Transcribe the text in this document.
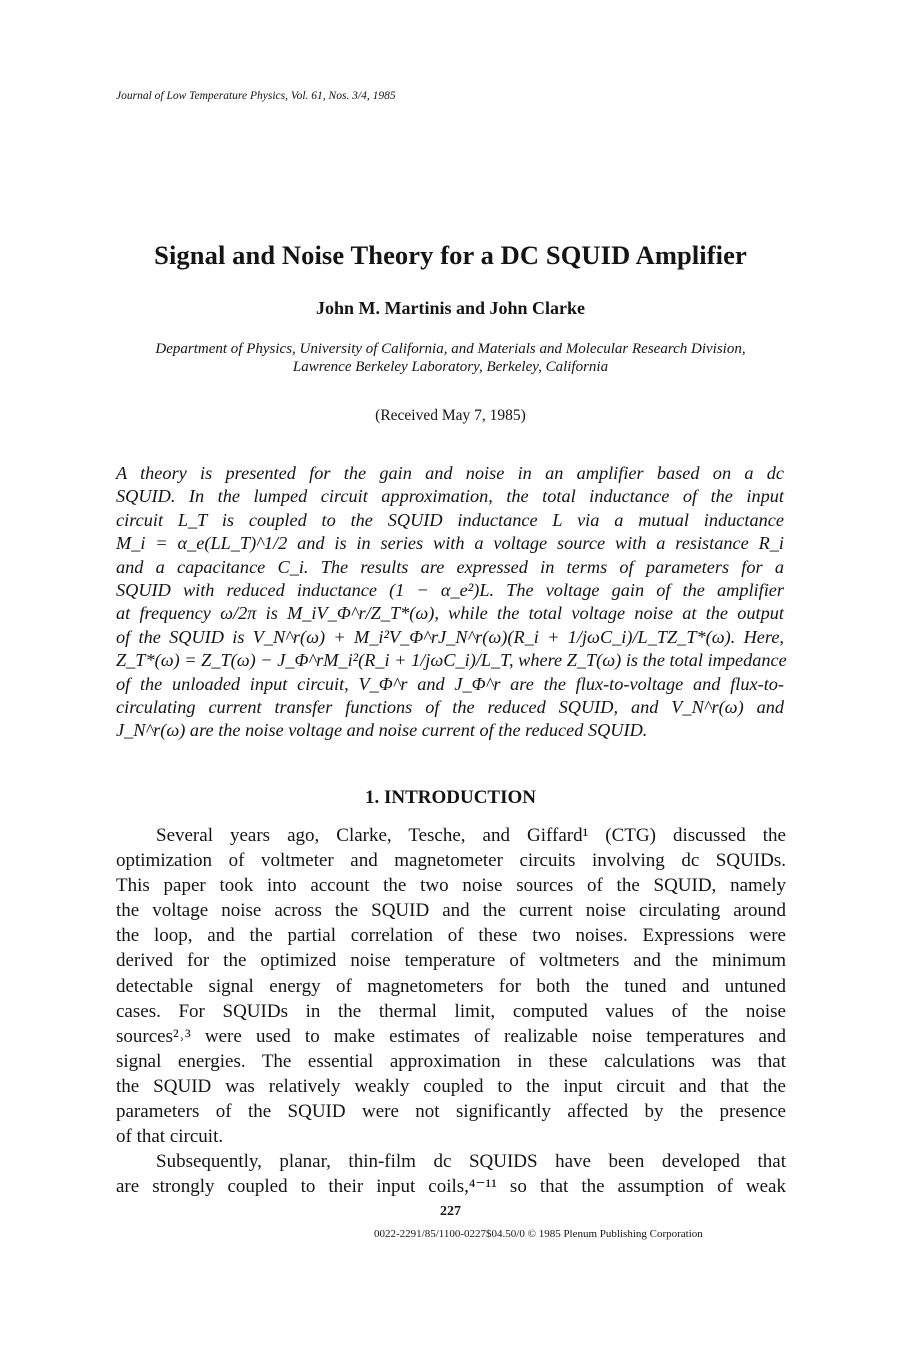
Journal of Low Temperature Physics, Vol. 61, Nos. 3/4, 1985
Signal and Noise Theory for a DC SQUID Amplifier
John M. Martinis and John Clarke
Department of Physics, University of California, and Materials and Molecular Research Division,
Lawrence Berkeley Laboratory, Berkeley, California
(Received May 7, 1985)
A theory is presented for the gain and noise in an amplifier based on a dc
SQUID. In the lumped circuit approximation, the total inductance of the input
circuit L_T is coupled to the SQUID inductance L via a mutual inductance
M_i = α_e(LL_T)^1/2 and is in series with a voltage source with a resistance R_i
and a capacitance C_i. The results are expressed in terms of parameters for a
SQUID with reduced inductance (1 − α_e²)L. The voltage gain of the amplifier
at frequency ω/2π is M_iV_Φ^r/Z_T*(ω), while the total voltage noise at the output
of the SQUID is V_N^r(ω) + M_i²V_Φ^rJ_N^r(ω)(R_i + 1/jωC_i)/L_TZ_T*(ω). Here,
Z_T*(ω) = Z_T(ω) − J_Φ^rM_i²(R_i + 1/jωC_i)/L_T, where Z_T(ω) is the total impedance
of the unloaded input circuit, V_Φ^r and J_Φ^r are the flux-to-voltage and flux-to-
circulating current transfer functions of the reduced SQUID, and V_N^r(ω) and
J_N^r(ω) are the noise voltage and noise current of the reduced SQUID.
1. INTRODUCTION
Several years ago, Clarke, Tesche, and Giffard¹ (CTG) discussed the
optimization of voltmeter and magnetometer circuits involving dc SQUIDs.
This paper took into account the two noise sources of the SQUID, namely
the voltage noise across the SQUID and the current noise circulating around
the loop, and the partial correlation of these two noises. Expressions were
derived for the optimized noise temperature of voltmeters and the minimum
detectable signal energy of magnetometers for both the tuned and untuned
cases. For SQUIDs in the thermal limit, computed values of the noise
sources²˒³ were used to make estimates of realizable noise temperatures and
signal energies. The essential approximation in these calculations was that
the SQUID was relatively weakly coupled to the input circuit and that the
parameters of the SQUID were not significantly affected by the presence
of that circuit.
Subsequently, planar, thin-film dc SQUIDS have been developed that
are strongly coupled to their input coils,⁴⁻¹¹ so that the assumption of weak
227
0022-2291/85/1100-0227$04.50/0 © 1985 Plenum Publishing Corporation
